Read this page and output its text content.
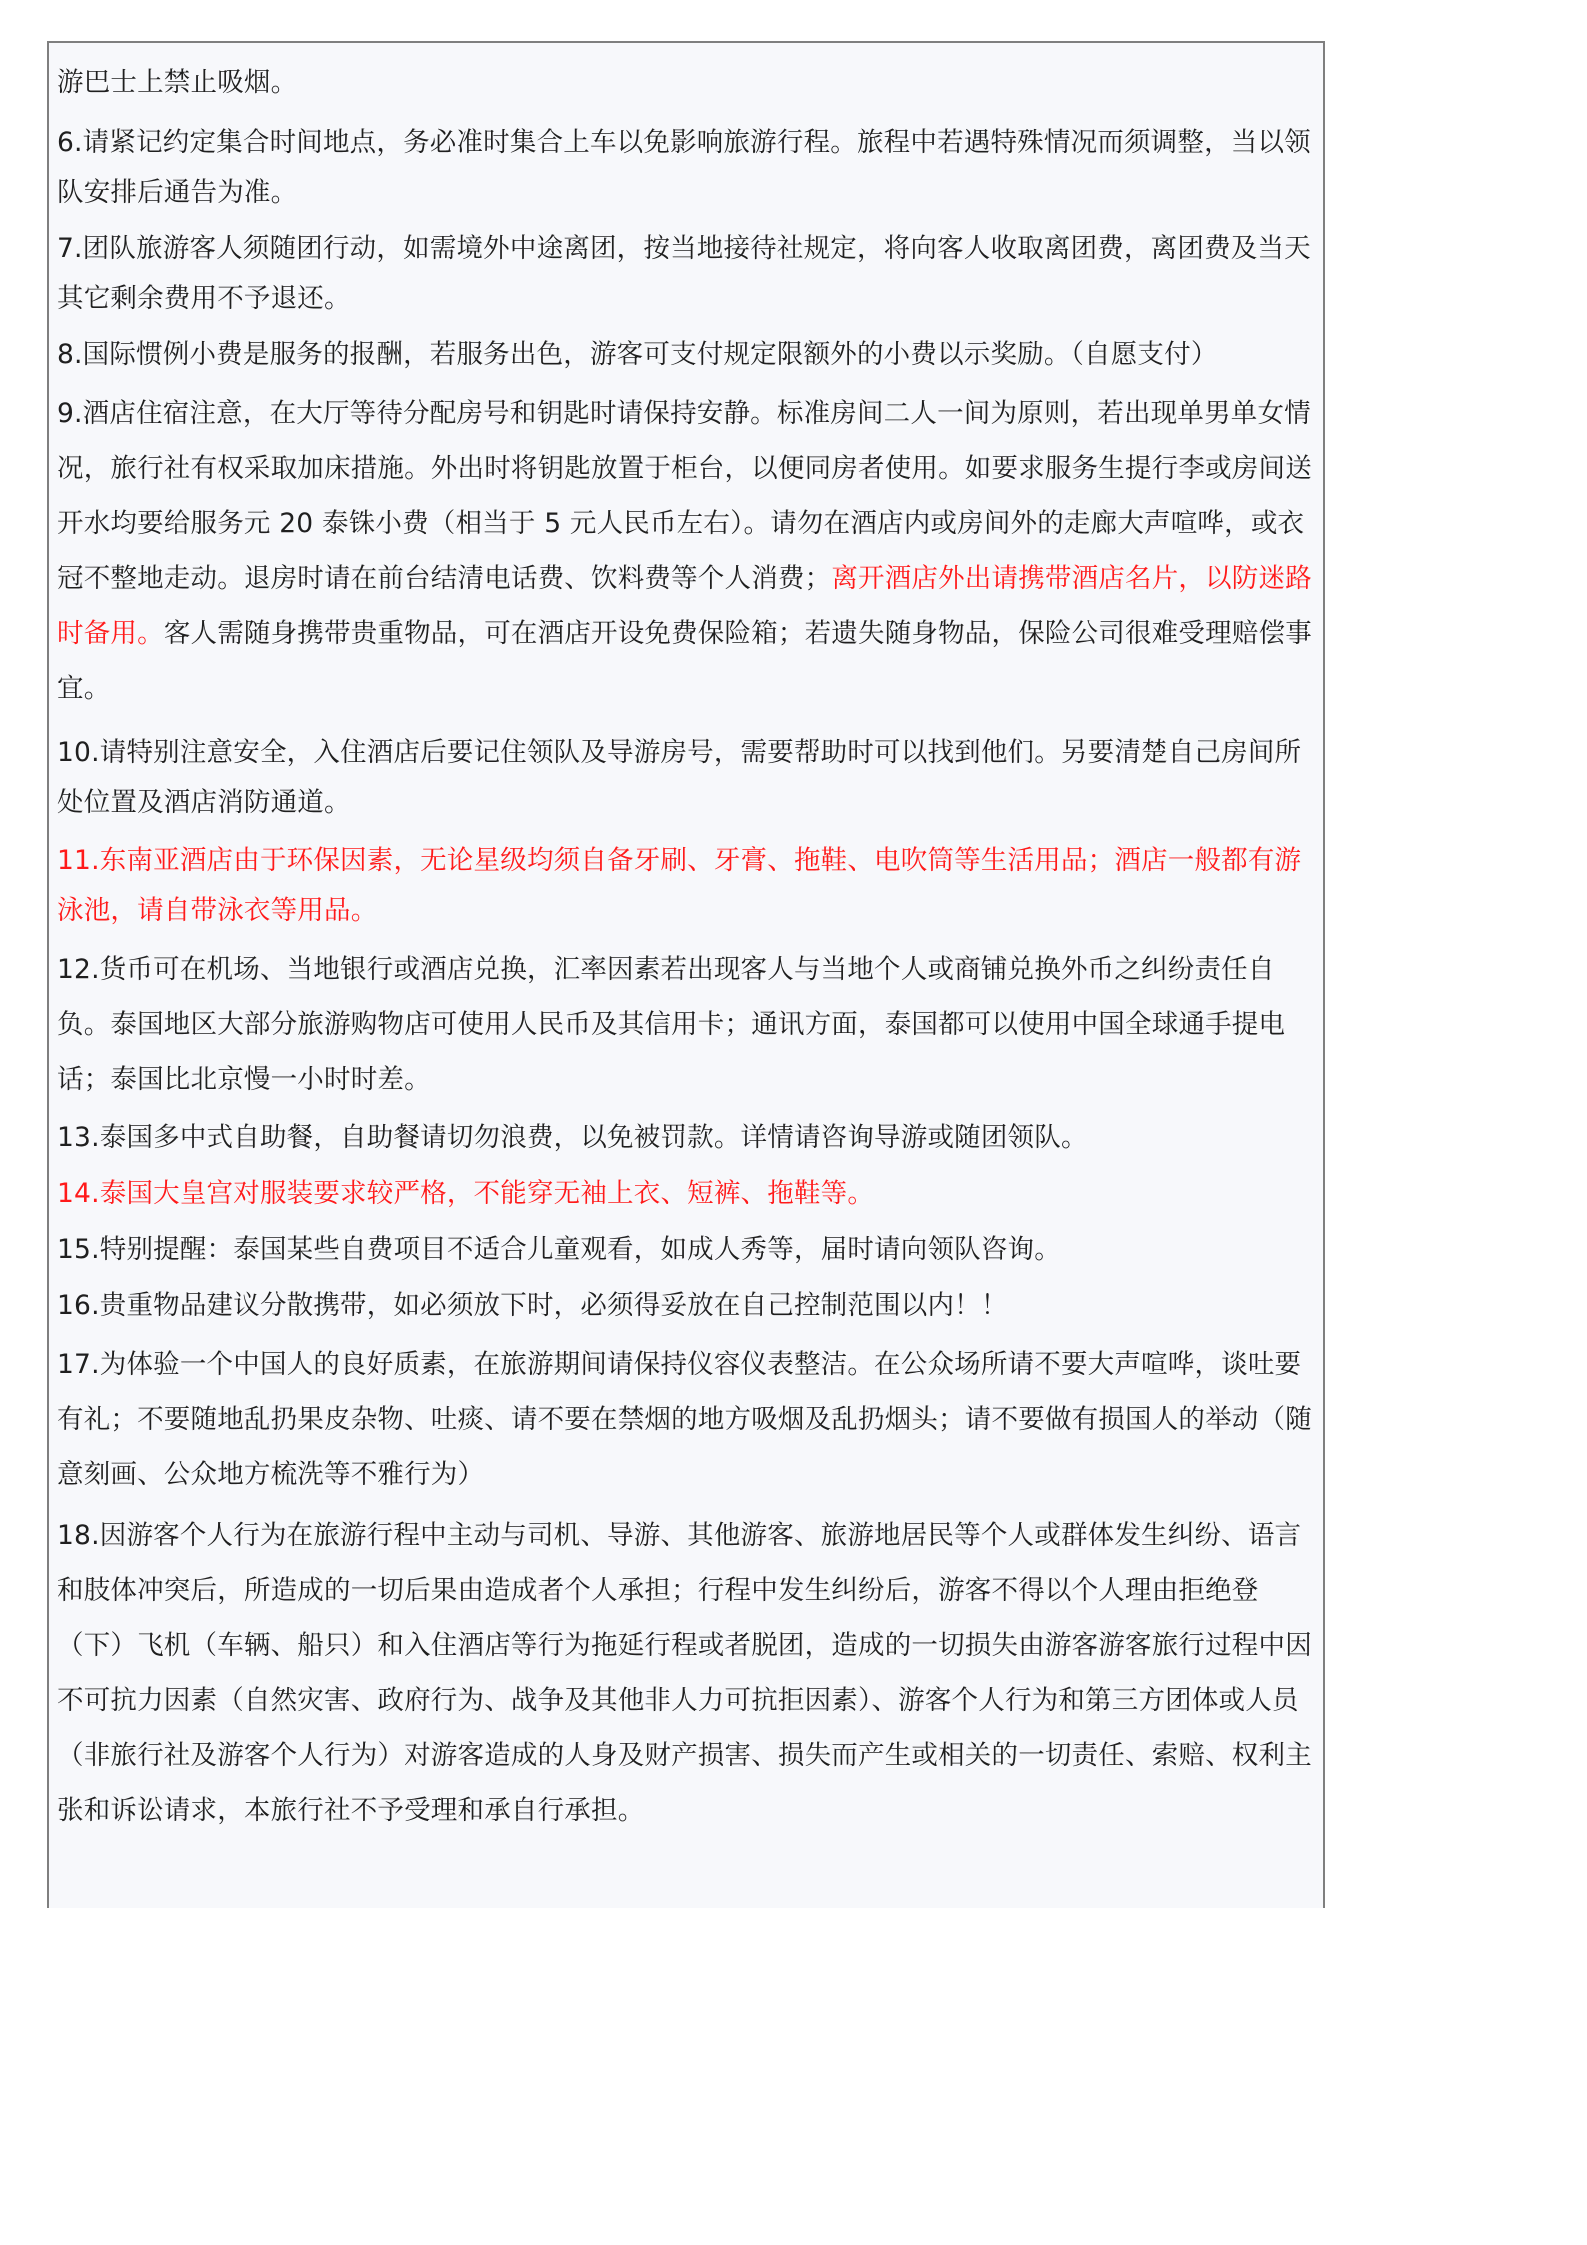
游巴士上禁止吸烟。
6.请紧记约定集合时间地点，务必准时集合上车以免影响旅游行程。旅程中若遇特殊情况而须调整，当以领队安排后通告为准。
7.团队旅游客人须随团行动，如需境外中途离团，按当地接待社规定，将向客人收取离团费，离团费及当天其它剩余费用不予退还。
8.国际惯例小费是服务的报酬，若服务出色，游客可支付规定限额外的小费以示奖励。（自愿支付）
9.酒店住宿注意，在大厅等待分配房号和钥匙时请保持安静。标准房间二人一间为原则，若出现单男单女情况，旅行社有权采取加床措施。外出时将钥匙放置于柜台，以便同房者使用。如要求服务生提行李或房间送开水均要给服务元 20 泰铢小费（相当于 5 元人民币左右）。请勿在酒店内或房间外的走廊大声喧哗，或衣冠不整地走动。退房时请在前台结清电话费、饮料费等个人消费；离开酒店外出请携带酒店名片，以防迷路时备用。客人需随身携带贵重物品，可在酒店开设免费保险箱；若遗失随身物品，保险公司很难受理赔偿事宜。
10.请特别注意安全，入住酒店后要记住领队及导游房号，需要帮助时可以找到他们。另要清楚自己房间所处位置及酒店消防通道。
11.东南亚酒店由于环保因素，无论星级均须自备牙刷、牙膏、拖鞋、电吹筒等生活用品；酒店一般都有游泳池，请自带泳衣等用品。
12.货币可在机场、当地银行或酒店兑换，汇率因素若出现客人与当地个人或商铺兑换外币之纠纷责任自负。泰国地区大部分旅游购物店可使用人民币及其信用卡；通讯方面，泰国都可以使用中国全球通手提电话；泰国比北京慢一小时时差。
13.泰国多中式自助餐，自助餐请切勿浪费，以免被罚款。详情请咨询导游或随团领队。
14.泰国大皇宫对服装要求较严格，不能穿无袖上衣、短裤、拖鞋等。
15.特别提醒：泰国某些自费项目不适合儿童观看，如成人秀等，届时请向领队咨询。
16.贵重物品建议分散携带，如必须放下时，必须得妥放在自己控制范围以内！！
17.为体验一个中国人的良好质素，在旅游期间请保持仪容仪表整洁。在公众场所请不要大声喧哗，谈吐要有礼；不要随地乱扔果皮杂物、吐痰、请不要在禁烟的地方吸烟及乱扔烟头；请不要做有损国人的举动（随意刻画、公众地方梳洗等不雅行为）
18.因游客个人行为在旅游行程中主动与司机、导游、其他游客、旅游地居民等个人或群体发生纠纷、语言和肢体冲突后，所造成的一切后果由造成者个人承担；行程中发生纠纷后，游客不得以个人理由拒绝登（下）飞机（车辆、船只）和入住酒店等行为拖延行程或者脱团，造成的一切损失由游客游客旅行过程中因不可抗力因素（自然灾害、政府行为、战争及其他非人力可抗拒因素）、游客个人行为和第三方团体或人员（非旅行社及游客个人行为）对游客造成的人身及财产损害、损失而产生或相关的一切责任、索赔、权利主张和诉讼请求，本旅行社不予受理和承自行承担。
